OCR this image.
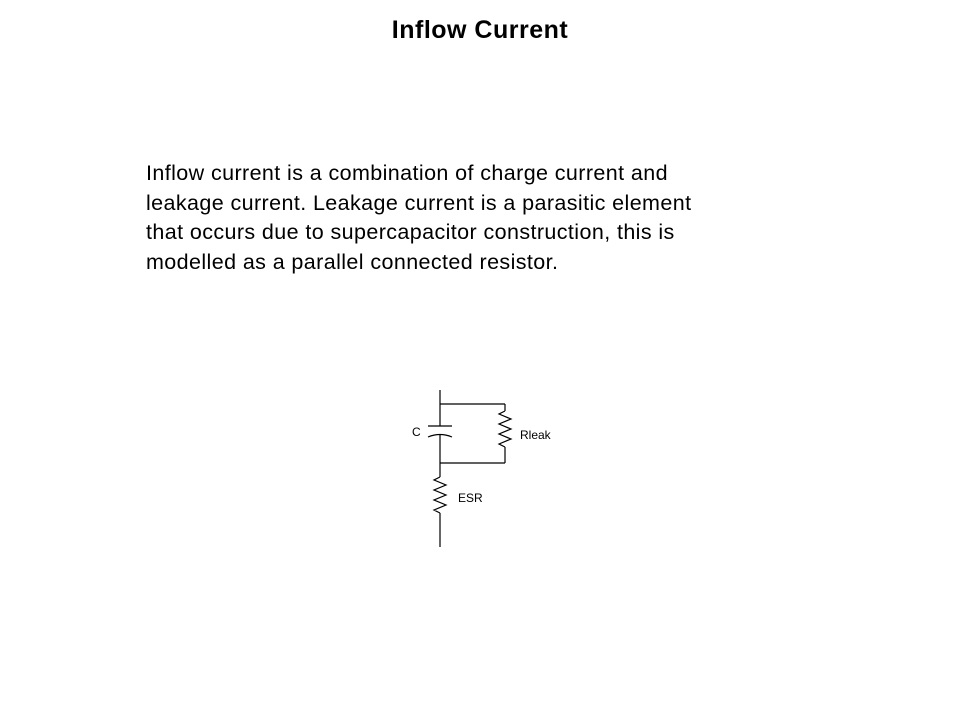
Inflow Current
Inflow current is a combination of charge current and
leakage current. Leakage current is a parasitic element
that occurs due to supercapacitor construction, this is
modelled as a parallel connected resistor.
C	Rleak
ESR
